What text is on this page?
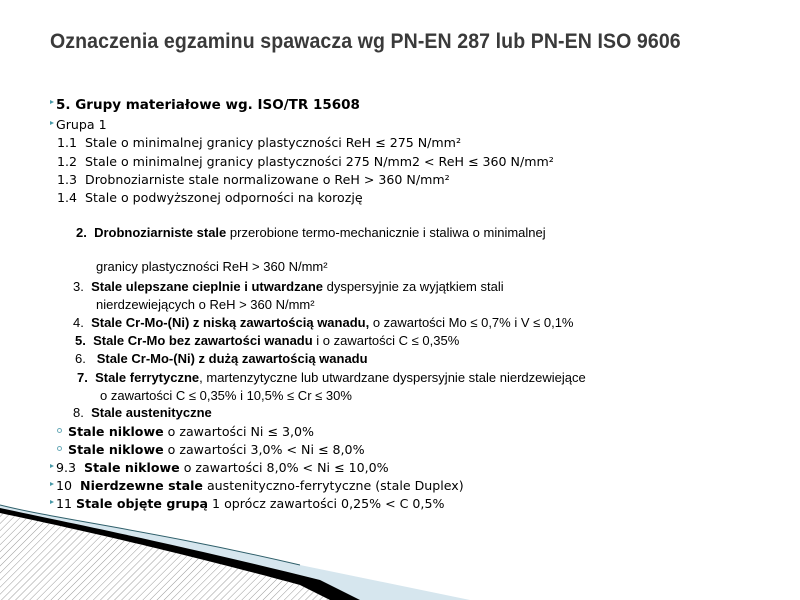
Oznaczenia egzaminu spawacza wg PN-EN 287 lub PN-EN ISO 9606
5. Grupy materiałowe wg. ISO/TR 15608
Grupa 1
1.1 Stale o minimalnej granicy plastyczności ReH ≤ 275 N/mm²
1.2 Stale o minimalnej granicy plastyczności 275 N/mm2 < ReH ≤ 360 N/mm²
1.3 Drobnoziarniste stale normalizowane o ReH > 360 N/mm²
1.4 Stale o podwyższonej odporności na korozję
2. Drobnoziarniste stale przerobione termo-mechanicznie i staliwa o minimalnej
granicy plastyczności ReH > 360 N/mm²
3. Stale ulepszane cieplnie i utwardzane dyspersyjnie za wyjątkiem stali
nierdzewiejących o ReH > 360 N/mm²
4. Stale Cr-Mo-(Ni) z niską zawartością wanadu, o zawartości Mo ≤ 0,7% i V ≤ 0,1%
5. Stale Cr-Mo bez zawartości wanadu i o zawartości C ≤ 0,35%
6. Stale Cr-Mo-(Ni) z dużą zawartością wanadu
7. Stale ferrytyczne, martenzytyczne lub utwardzane dyspersyjnie stale nierdzewiejące
o zawartości C ≤ 0,35% i 10,5% ≤ Cr ≤ 30%
8. Stale austenityczne
Stale niklowe o zawartości Ni ≤ 3,0%
Stale niklowe o zawartości 3,0% < Ni ≤ 8,0%
9.3  Stale niklowe o zawartości 8,0% < Ni ≤ 10,0%
10  Nierdzewne stale austenityczno-ferrytyczne (stale Duplex)
11 Stale objęte grupą 1 oprócz zawartości 0,25% < C 0,5%
